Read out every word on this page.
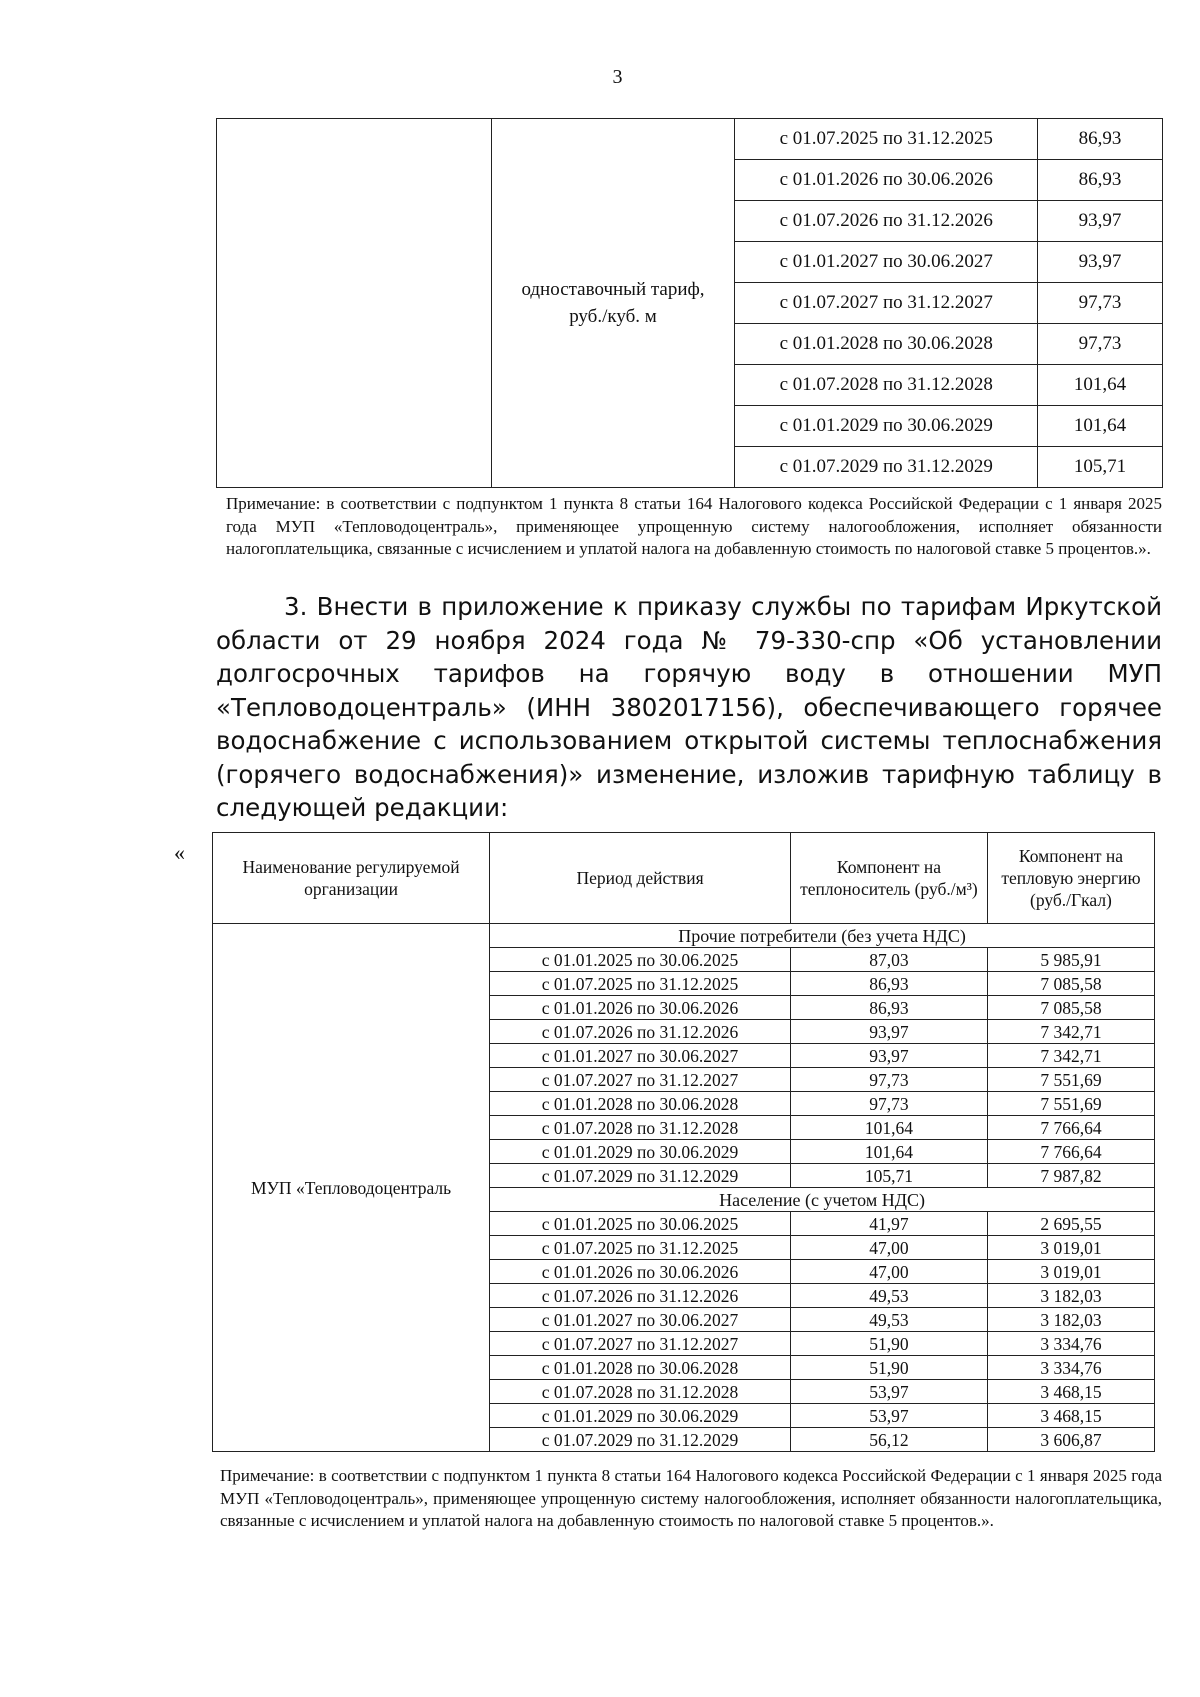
3

	одноставочный тариф,
руб./куб. м	с 01.07.2025 по 31.12.2025	86,93
		с 01.01.2026 по 30.06.2026	86,93
		с 01.07.2026 по 31.12.2026	93,97
		с 01.01.2027 по 30.06.2027	93,97
		с 01.07.2027 по 31.12.2027	97,73
		с 01.01.2028 по 30.06.2028	97,73
		с 01.07.2028 по 31.12.2028	101,64
		с 01.01.2029 по 30.06.2029	101,64
		с 01.07.2029 по 31.12.2029	105,71
Примечание: в соответствии с подпунктом 1 пункта 8 статьи 164 Налогового кодекса Российской Федерации с 1 января 2025 года МУП «Тепловодоцентраль», применяющее упрощенную систему налогообложения, исполняет обязанности налогоплательщика, связанные с исчислением и уплатой налога на добавленную стоимость по налоговой ставке 5 процентов.».
3. Внести в приложение к приказу службы по тарифам Иркутской области от 29 ноября 2024 года № 79-330-спр «Об установлении долгосрочных тарифов на горячую воду в отношении МУП «Тепловодоцентраль» (ИНН 3802017156), обеспечивающего горячее водоснабжение с использованием открытой системы теплоснабжения (горячего водоснабжения)» изменение, изложив тарифную таблицу в следующей редакции:
«
Наименование регулируемой организации	Период действия	Компонент на теплоноситель (руб./м³)	Компонент на тепловую энергию (руб./Гкал)
МУП «Тепловодоцентраль	Прочие потребители (без учета НДС)		
	с 01.01.2025 по 30.06.2025	87,03	5 985,91
	с 01.07.2025 по 31.12.2025	86,93	7 085,58
	с 01.01.2026 по 30.06.2026	86,93	7 085,58
	с 01.07.2026 по 31.12.2026	93,97	7 342,71
	с 01.01.2027 по 30.06.2027	93,97	7 342,71
	с 01.07.2027 по 31.12.2027	97,73	7 551,69
	с 01.01.2028 по 30.06.2028	97,73	7 551,69
	с 01.07.2028 по 31.12.2028	101,64	7 766,64
	с 01.01.2029 по 30.06.2029	101,64	7 766,64
	с 01.07.2029 по 31.12.2029	105,71	7 987,82
	Население (с учетом НДС)		
	с 01.01.2025 по 30.06.2025	41,97	2 695,55
	с 01.07.2025 по 31.12.2025	47,00	3 019,01
	с 01.01.2026 по 30.06.2026	47,00	3 019,01
	с 01.07.2026 по 31.12.2026	49,53	3 182,03
	с 01.01.2027 по 30.06.2027	49,53	3 182,03
	с 01.07.2027 по 31.12.2027	51,90	3 334,76
	с 01.01.2028 по 30.06.2028	51,90	3 334,76
	с 01.07.2028 по 31.12.2028	53,97	3 468,15
	с 01.01.2029 по 30.06.2029	53,97	3 468,15
	с 01.07.2029 по 31.12.2029	56,12	3 606,87
Примечание: в соответствии с подпунктом 1 пункта 8 статьи 164 Налогового кодекса Российской Федерации с 1 января 2025 года МУП «Тепловодоцентраль», применяющее упрощенную систему налогообложения, исполняет обязанности налогоплательщика, связанные с исчислением и уплатой налога на добавленную стоимость по налоговой ставке 5 процентов.».
